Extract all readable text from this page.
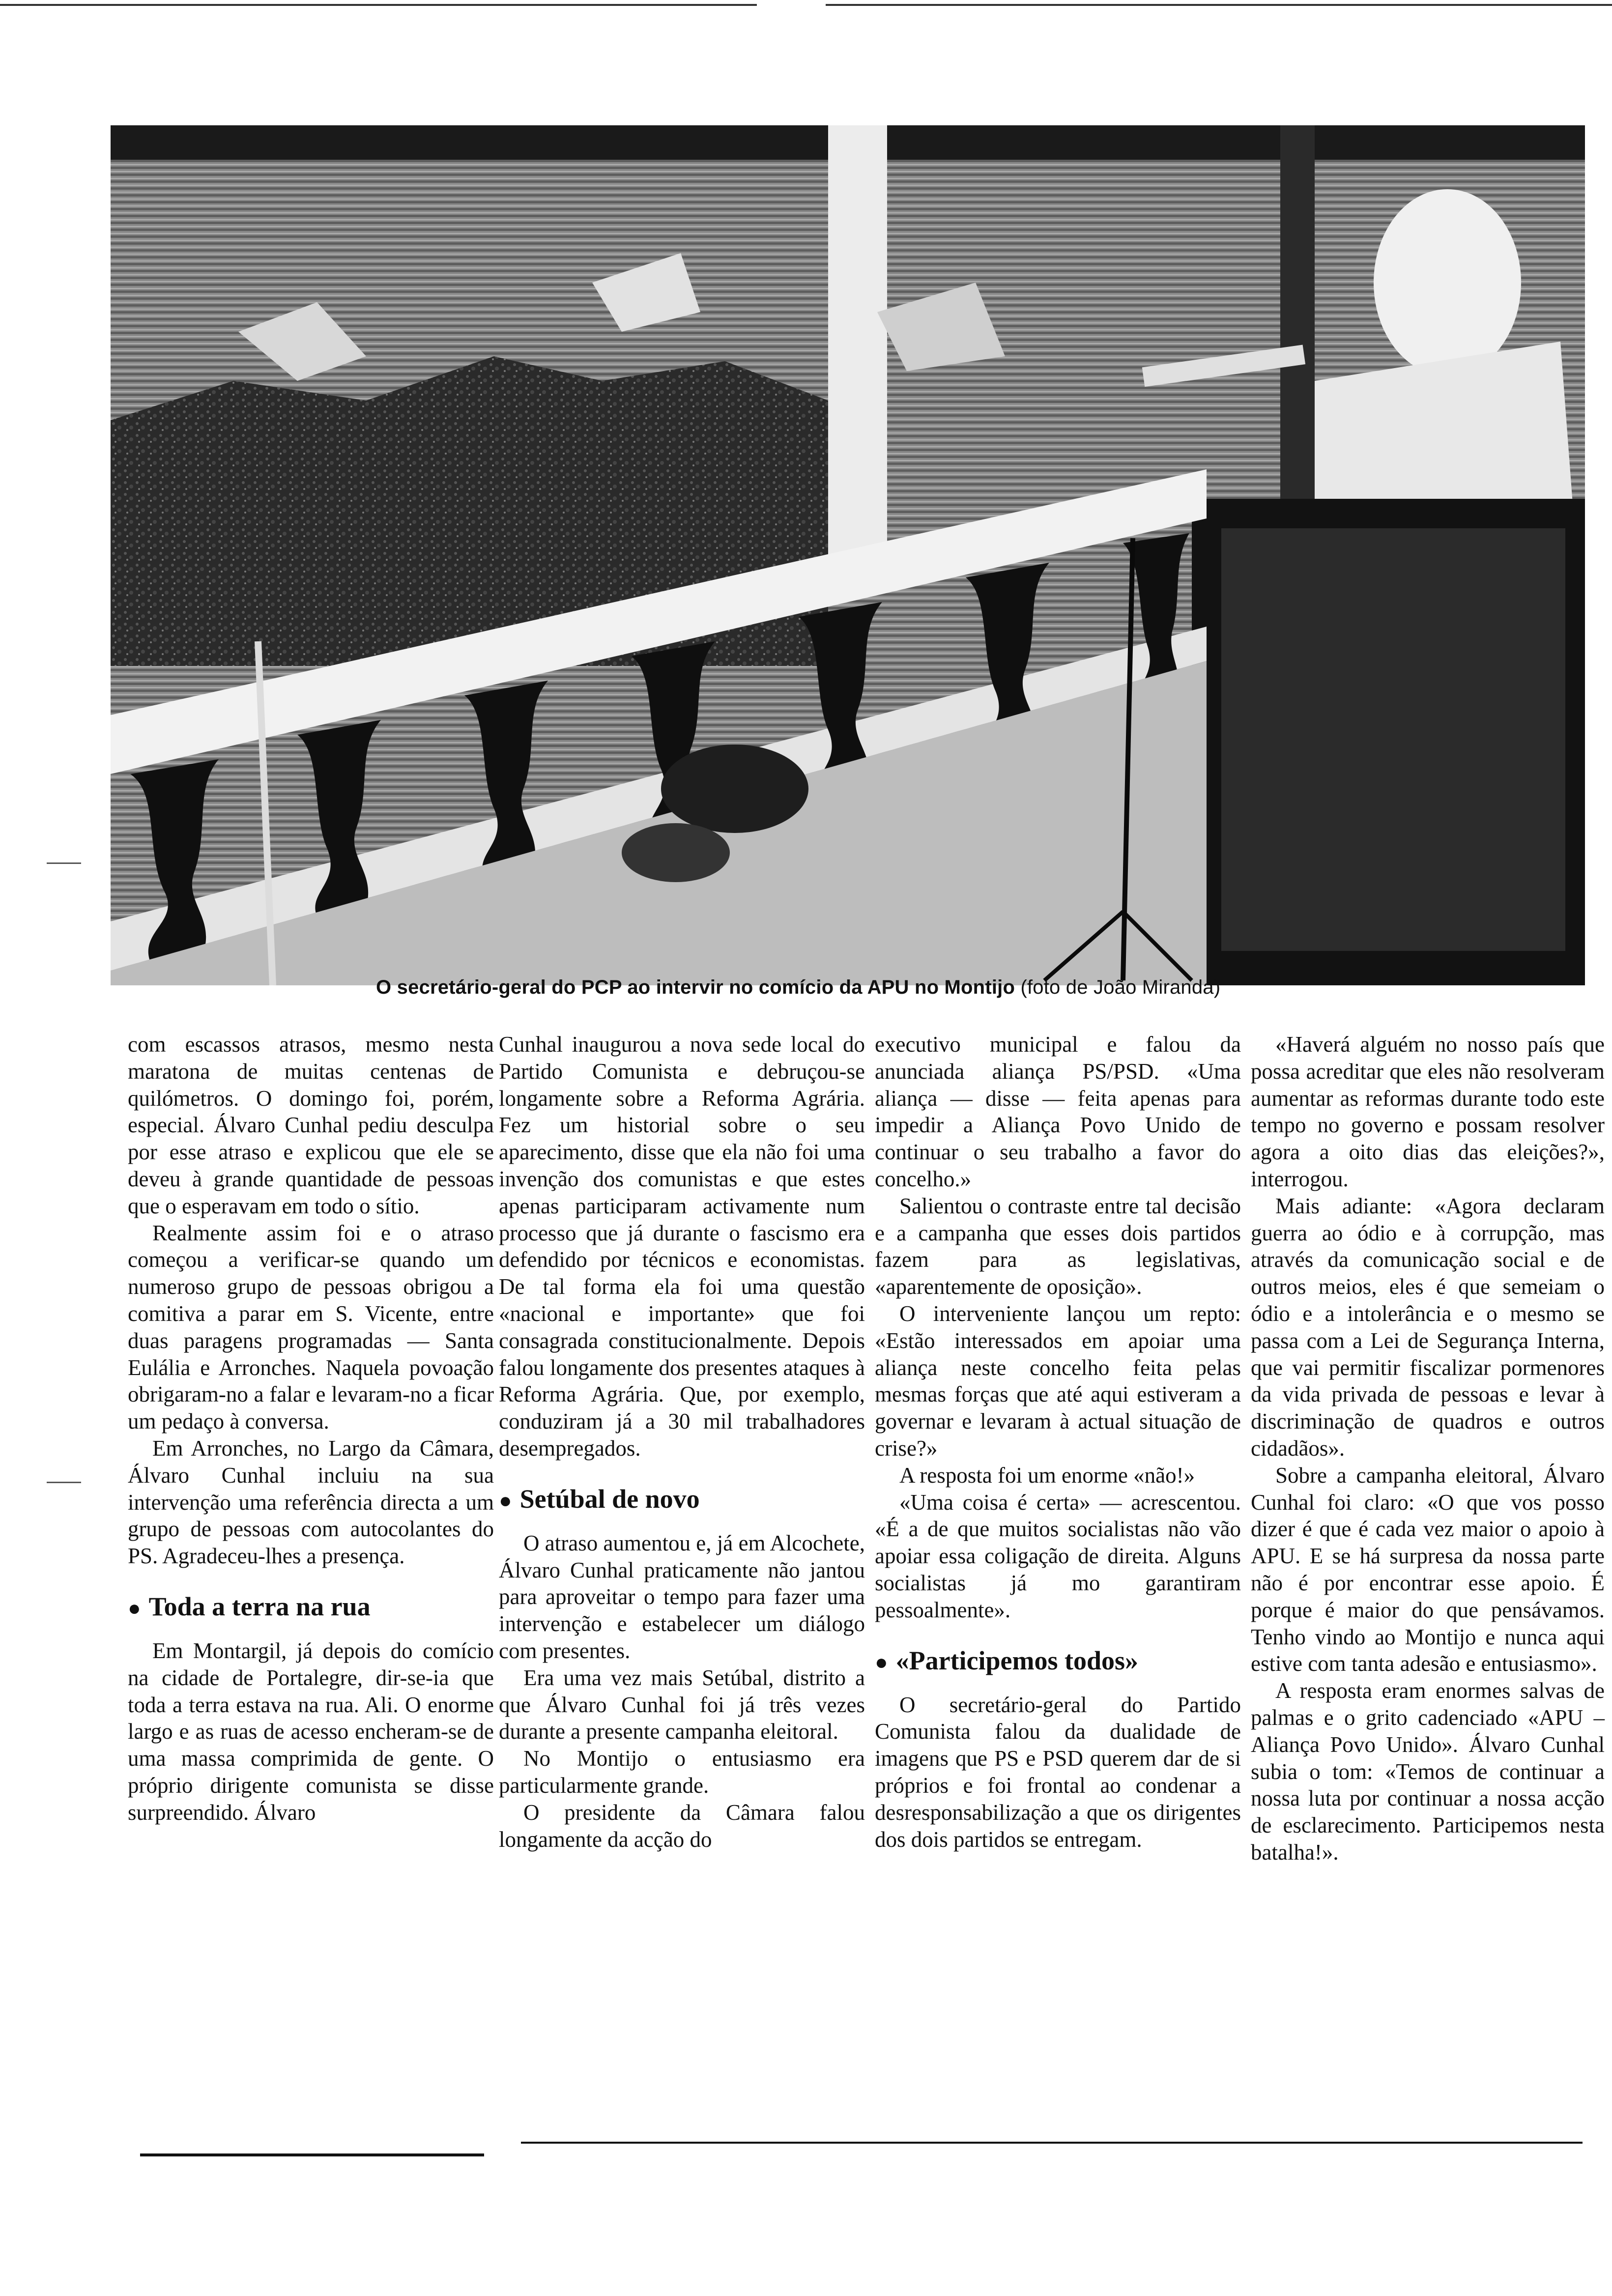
O secretário-geral do PCP ao intervir no comício da APU no Montijo (foto de João Miranda)

com escassos atrasos, mesmo nesta maratona de muitas centenas de quilómetros. O domingo foi, porém, especial. Álvaro Cunhal pediu desculpa por esse atraso e explicou que ele se deveu à grande quantidade de pessoas que o esperavam em todo o sítio.

Realmente assim foi e o atraso começou a verificar-se quando um numeroso grupo de pessoas obrigou a comitiva a parar em S. Vicente, entre duas paragens programadas — Santa Eulália e Arronches. Naquela povoação obrigaram-no a falar e levaram-no a ficar um pedaço à conversa.

Em Arronches, no Largo da Câmara, Álvaro Cunhal incluiu na sua intervenção uma referência directa a um grupo de pessoas com autocolantes do PS. Agradeceu-lhes a presença.

● Toda a terra na rua

Em Montargil, já depois do comício na cidade de Portalegre, dir-se-ia que toda a terra estava na rua. Ali. O enorme largo e as ruas de acesso encheram-se de uma massa comprimida de gente. O próprio dirigente comunista se disse surpreendido. Álvaro

Cunhal inaugurou a nova sede local do Partido Comunista e debruçou-se longamente sobre a Reforma Agrária. Fez um historial sobre o seu aparecimento, disse que ela não foi uma invenção dos comunistas e que estes apenas participaram activamente num processo que já durante o fascismo era defendido por técnicos e economistas. De tal forma ela foi uma questão «nacional e importante» que foi consagrada constitucionalmente. Depois falou longamente dos presentes ataques à Reforma Agrária. Que, por exemplo, conduziram já a 30 mil trabalhadores desempregados.

● Setúbal de novo

O atraso aumentou e, já em Alcochete, Álvaro Cunhal praticamente não jantou para aproveitar o tempo para fazer uma intervenção e estabelecer um diálogo com presentes.

Era uma vez mais Setúbal, distrito a que Álvaro Cunhal foi já três vezes durante a presente campanha eleitoral.

No Montijo o entusiasmo era particularmente grande.

O presidente da Câmara falou longamente da acção do

executivo municipal e falou da anunciada aliança PS/PSD. «Uma aliança — disse — feita apenas para impedir a Aliança Povo Unido de continuar o seu trabalho a favor do concelho.»

Salientou o contraste entre tal decisão e a campanha que esses dois partidos fazem para as legislativas, «aparentemente de oposição».

O interveniente lançou um repto: «Estão interessados em apoiar uma aliança neste concelho feita pelas mesmas forças que até aqui estiveram a governar e levaram à actual situação de crise?»

A resposta foi um enorme «não!»

«Uma coisa é certa» — acrescentou. «É a de que muitos socialistas não vão apoiar essa coligação de direita. Alguns socialistas já mo garantiram pessoalmente».

● «Participemos todos»

O secretário-geral do Partido Comunista falou da dualidade de imagens que PS e PSD querem dar de si próprios e foi frontal ao condenar a desresponsabilização a que os dirigentes dos dois partidos se entregam.

«Haverá alguém no nosso país que possa acreditar que eles não resolveram aumentar as reformas durante todo este tempo no governo e possam resolver agora a oito dias das eleições?», interrogou.

Mais adiante: «Agora declaram guerra ao ódio e à corrupção, mas através da comunicação social e de outros meios, eles é que semeiam o ódio e a intolerância e o mesmo se passa com a Lei de Segurança Interna, que vai permitir fiscalizar pormenores da vida privada de pessoas e levar à discriminação de quadros e outros cidadãos».

Sobre a campanha eleitoral, Álvaro Cunhal foi claro: «O que vos posso dizer é que é cada vez maior o apoio à APU. E se há surpresa da nossa parte não é por encontrar esse apoio. É porque é maior do que pensávamos. Tenho vindo ao Montijo e nunca aqui estive com tanta adesão e entusiasmo».

A resposta eram enormes salvas de palmas e o grito cadenciado «APU – Aliança Povo Unido». Álvaro Cunhal subia o tom: «Temos de continuar a nossa luta por continuar a nossa acção de esclarecimento. Participemos nesta batalha!».
